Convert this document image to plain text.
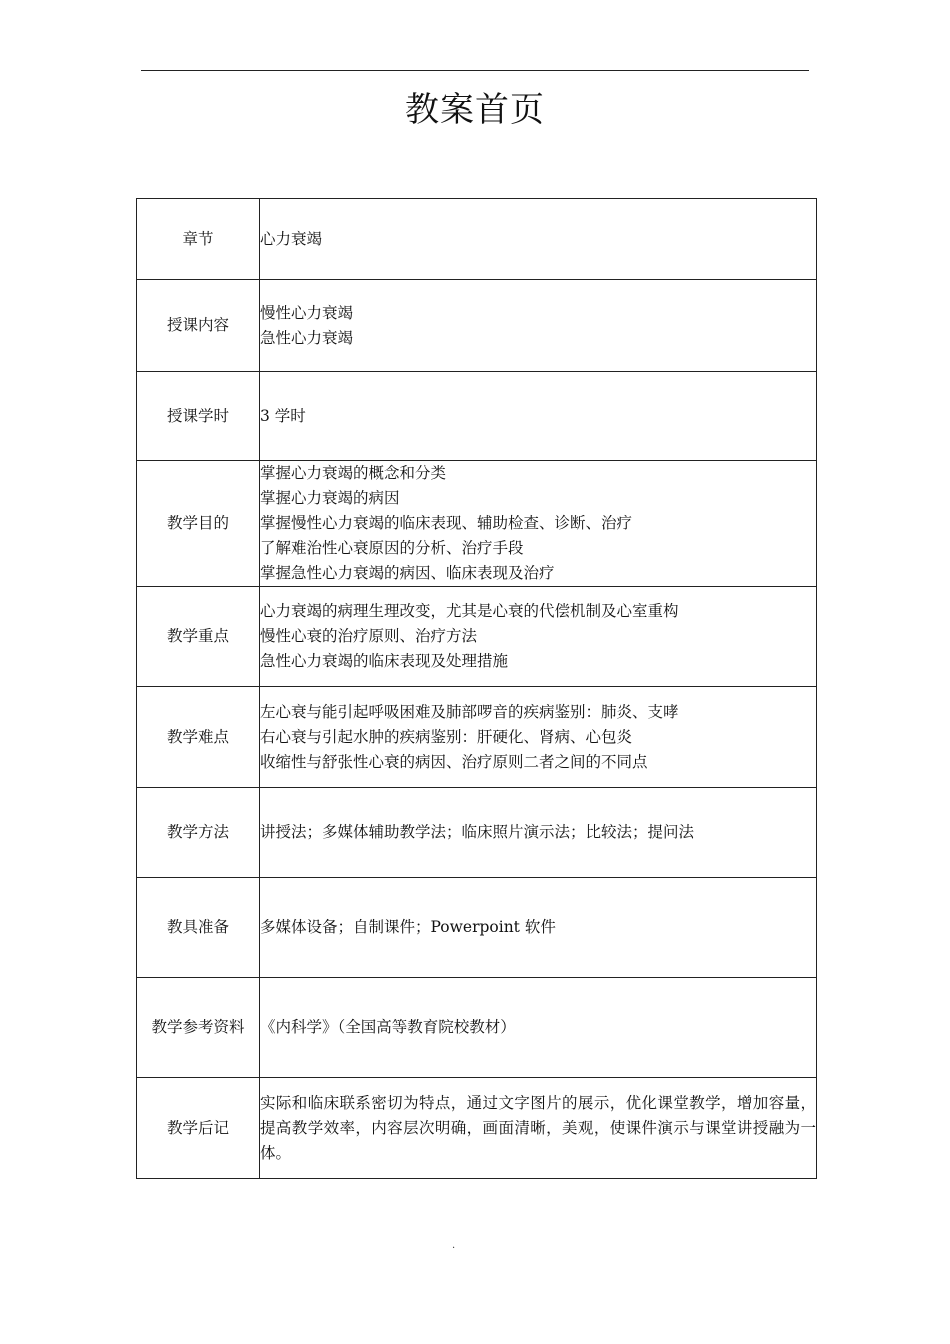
教案首页
章节	心力衰竭

授课内容	慢性心力衰竭
急性心力衰竭

授课学时	3 学时

教学目的	掌握心力衰竭的概念和分类
掌握心力衰竭的病因
掌握慢性心力衰竭的临床表现、辅助检查、诊断、治疗
了解难治性心衰原因的分析、治疗手段
掌握急性心力衰竭的病因、临床表现及治疗

教学重点	心力衰竭的病理生理改变，尤其是心衰的代偿机制及心室重构
慢性心衰的治疗原则、治疗方法
急性心力衰竭的临床表现及处理措施

教学难点	左心衰与能引起呼吸困难及肺部啰音的疾病鉴别：肺炎、支哮
右心衰与引起水肿的疾病鉴别：肝硬化、肾病、心包炎
收缩性与舒张性心衰的病因、治疗原则二者之间的不同点

教学方法	讲授法；多媒体辅助教学法；临床照片演示法；比较法；提问法

教具准备	多媒体设备；自制课件；Powerpoint 软件

教学参考资料	《内科学》（全国高等教育院校教材）

教学后记	实际和临床联系密切为特点，通过文字图片的展示，优化课堂教学，增加容量，提高教学效率，内容层次明确，画面清晰，美观，使课件演示与课堂讲授融为一体。
.
